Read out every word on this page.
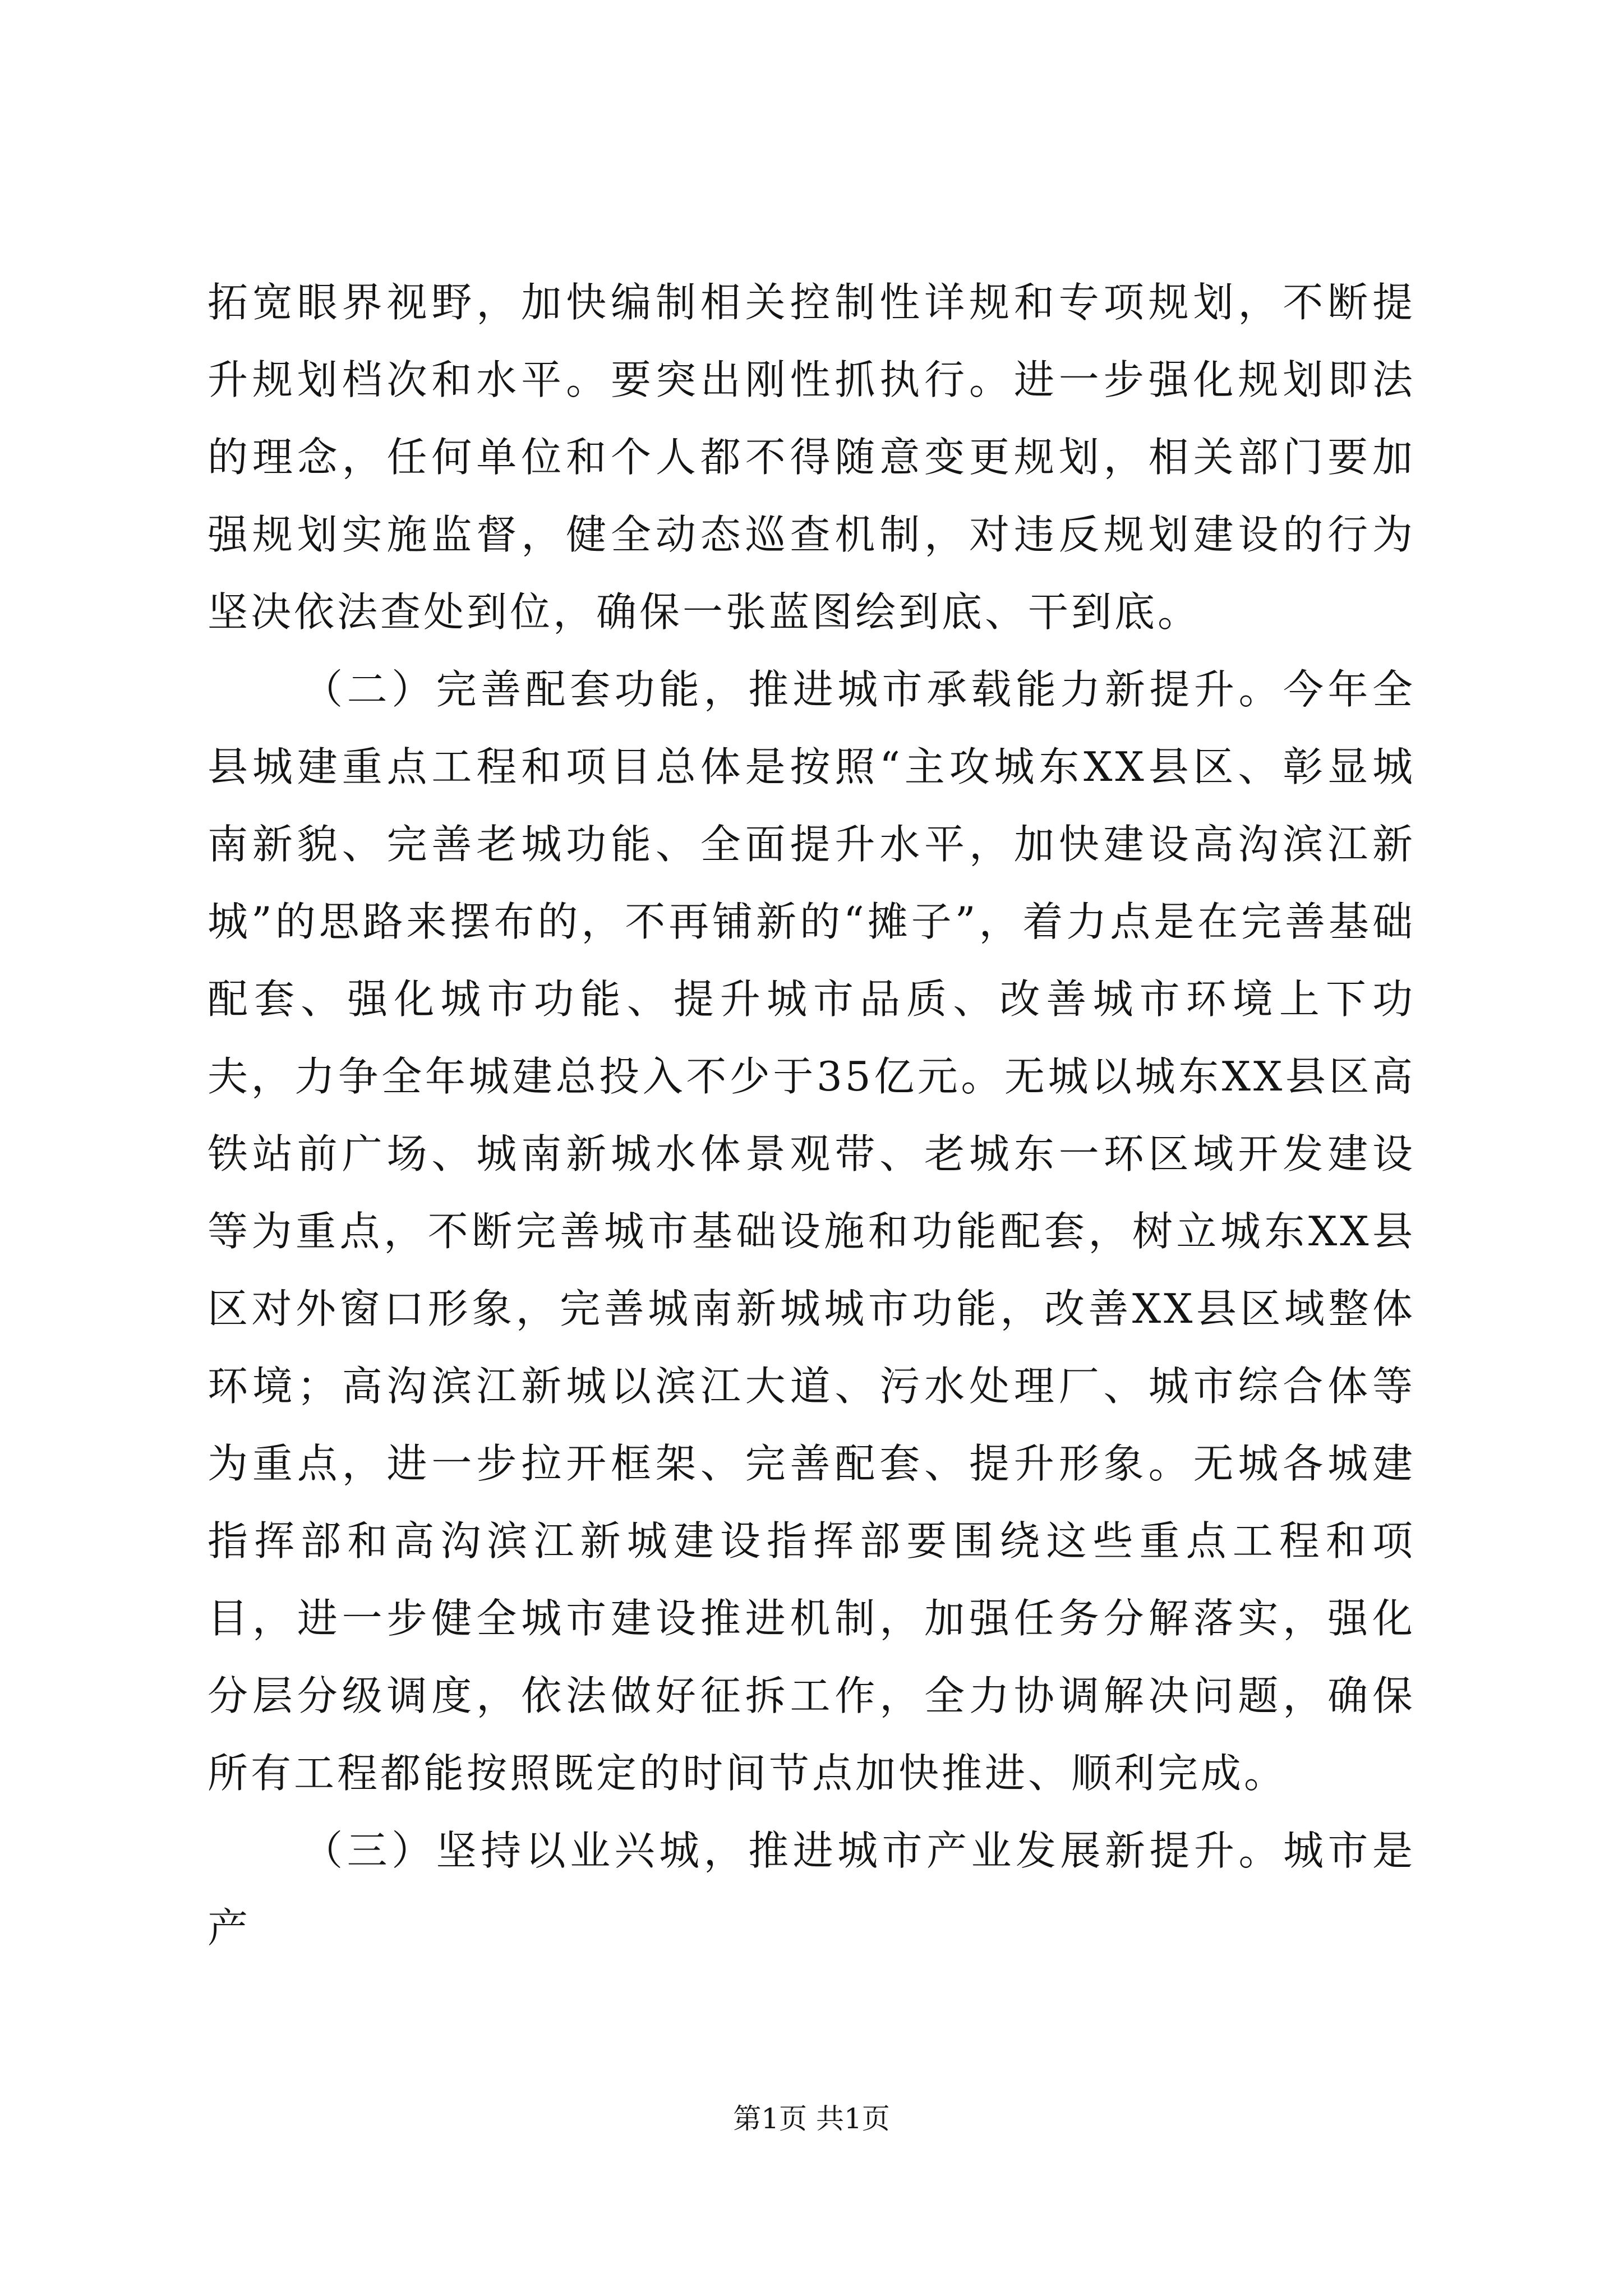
拓宽眼界视野，加快编制相关控制性详规和专项规划，不断提升规划档次和水平。要突出刚性抓执行。进一步强化规划即法的理念，任何单位和个人都不得随意变更规划，相关部门要加强规划实施监督，健全动态巡查机制，对违反规划建设的行为坚决依法查处到位，确保一张蓝图绘到底、干到底。

（二）完善配套功能，推进城市承载能力新提升。今年全县城建重点工程和项目总体是按照“主攻城东XX县区、彰显城南新貌、完善老城功能、全面提升水平，加快建设高沟滨江新城”的思路来摆布的，不再铺新的“摊子”，着力点是在完善基础配套、强化城市功能、提升城市品质、改善城市环境上下功夫，力争全年城建总投入不少于35亿元。无城以城东XX县区高铁站前广场、城南新城水体景观带、老城东一环区域开发建设等为重点，不断完善城市基础设施和功能配套，树立城东XX县区对外窗口形象，完善城南新城城市功能，改善XX县区域整体环境；高沟滨江新城以滨江大道、污水处理厂、城市综合体等为重点，进一步拉开框架、完善配套、提升形象。无城各城建指挥部和高沟滨江新城建设指挥部要围绕这些重点工程和项目，进一步健全城市建设推进机制，加强任务分解落实，强化分层分级调度，依法做好征拆工作，全力协调解决问题，确保所有工程都能按照既定的时间节点加快推进、顺利完成。

（三）坚持以业兴城，推进城市产业发展新提升。城市是产

第1页 共1页
